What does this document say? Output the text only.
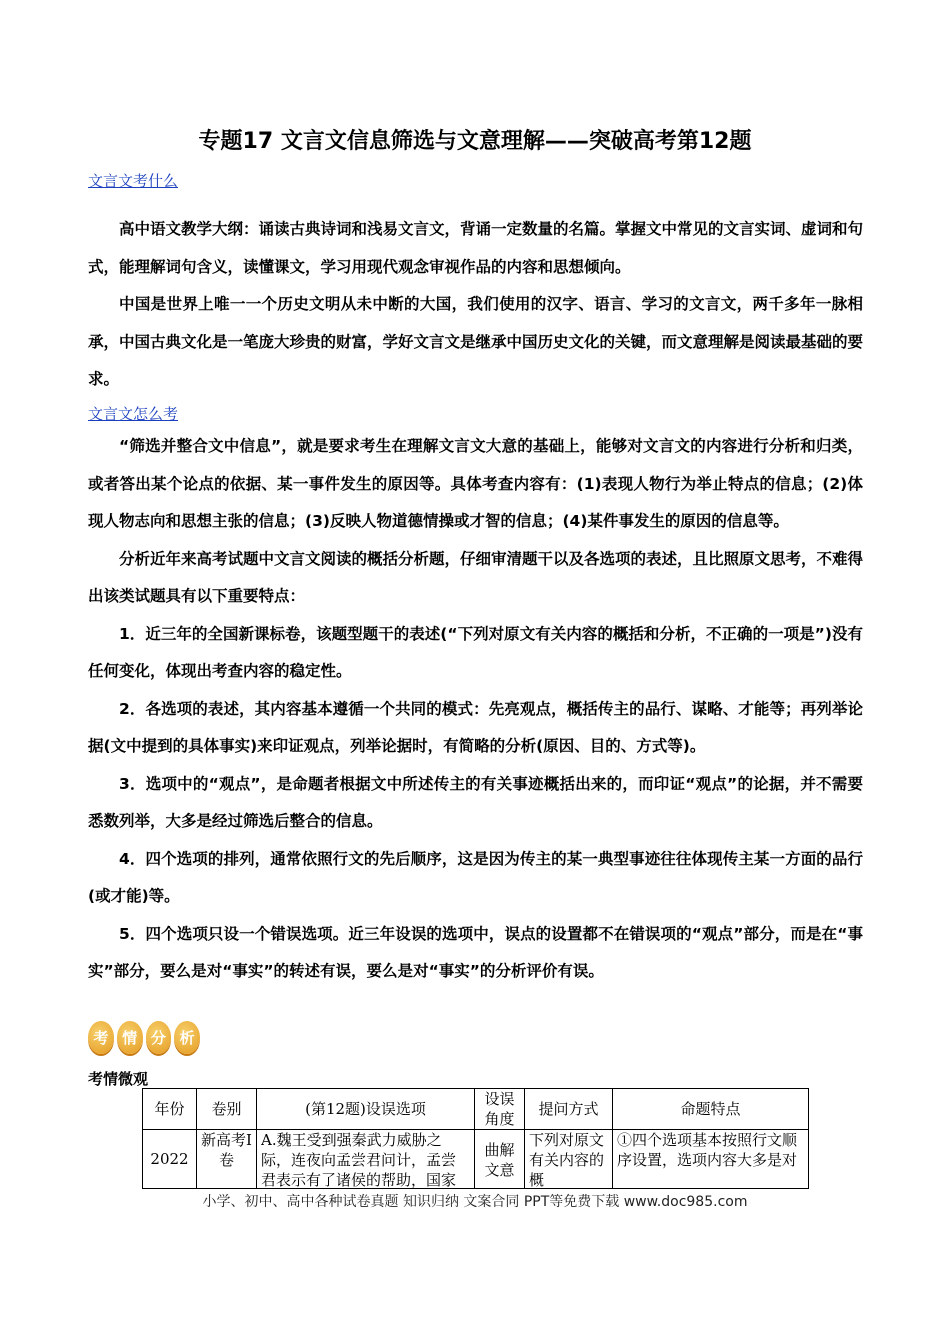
专题17 文言文信息筛选与文意理解——突破高考第12题
文言文考什么

高中语文教学大纲：诵读古典诗词和浅易文言文，背诵一定数量的名篇。掌握文中常见的文言实词、虚词和句式，能理解词句含义，读懂课文，学习用现代观念审视作品的内容和思想倾向。

中国是世界上唯一一个历史文明从未中断的大国，我们使用的汉字、语言、学习的文言文，两千多年一脉相承，中国古典文化是一笔庞大珍贵的财富，学好文言文是继承中国历史文化的关键，而文意理解是阅读最基础的要求。

文言文怎么考

“筛选并整合文中信息”，就是要求考生在理解文言文大意的基础上，能够对文言文的内容进行分析和归类，或者答出某个论点的依据、某一事件发生的原因等。具体考查内容有：(1)表现人物行为举止特点的信息；(2)体现人物志向和思想主张的信息；(3)反映人物道德情操或才智的信息；(4)某件事发生的原因的信息等。

分析近年来高考试题中文言文阅读的概括分析题，仔细审清题干以及各选项的表述，且比照原文思考，不难得出该类试题具有以下重要特点：

1．近三年的全国新课标卷，该题型题干的表述(“下列对原文有关内容的概括和分析，不正确的一项是”)没有任何变化，体现出考查内容的稳定性。

2．各选项的表述，其内容基本遵循一个共同的模式：先亮观点，概括传主的品行、谋略、才能等；再列举论据(文中提到的具体事实)来印证观点，列举论据时，有简略的分析(原因、目的、方式等)。

3．选项中的“观点”，是命题者根据文中所述传主的有关事迹概括出来的，而印证“观点”的论据，并不需要悉数列举，大多是经过筛选后整合的信息。

4．四个选项的排列，通常依照行文的先后顺序，这是因为传主的某一典型事迹往往体现传主某一方面的品行(或才能)等。

5．四个选项只设一个错误选项。近三年设误的选项中，误点的设置都不在错误项的“观点”部分，而是在“事实”部分，要么是对“事实”的转述有误，要么是对“事实”的分析评价有误。

考 情 分 析
考情微观
年份	卷别	(第12题)设误选项	设误角度	提问方式	命题特点
2022	新高考Ⅰ卷	A.魏王受到强秦武力威胁之际，连夜向孟尝君问计，孟尝君表示有了诸侯的帮助，国家	曲解文意	下列对原文有关内容的概	①四个选项基本按照行文顺序设置，选项内容大多是对
小学、初中、高中各种试卷真题 知识归纳 文案合同 PPT等免费下载 www.doc985.com
